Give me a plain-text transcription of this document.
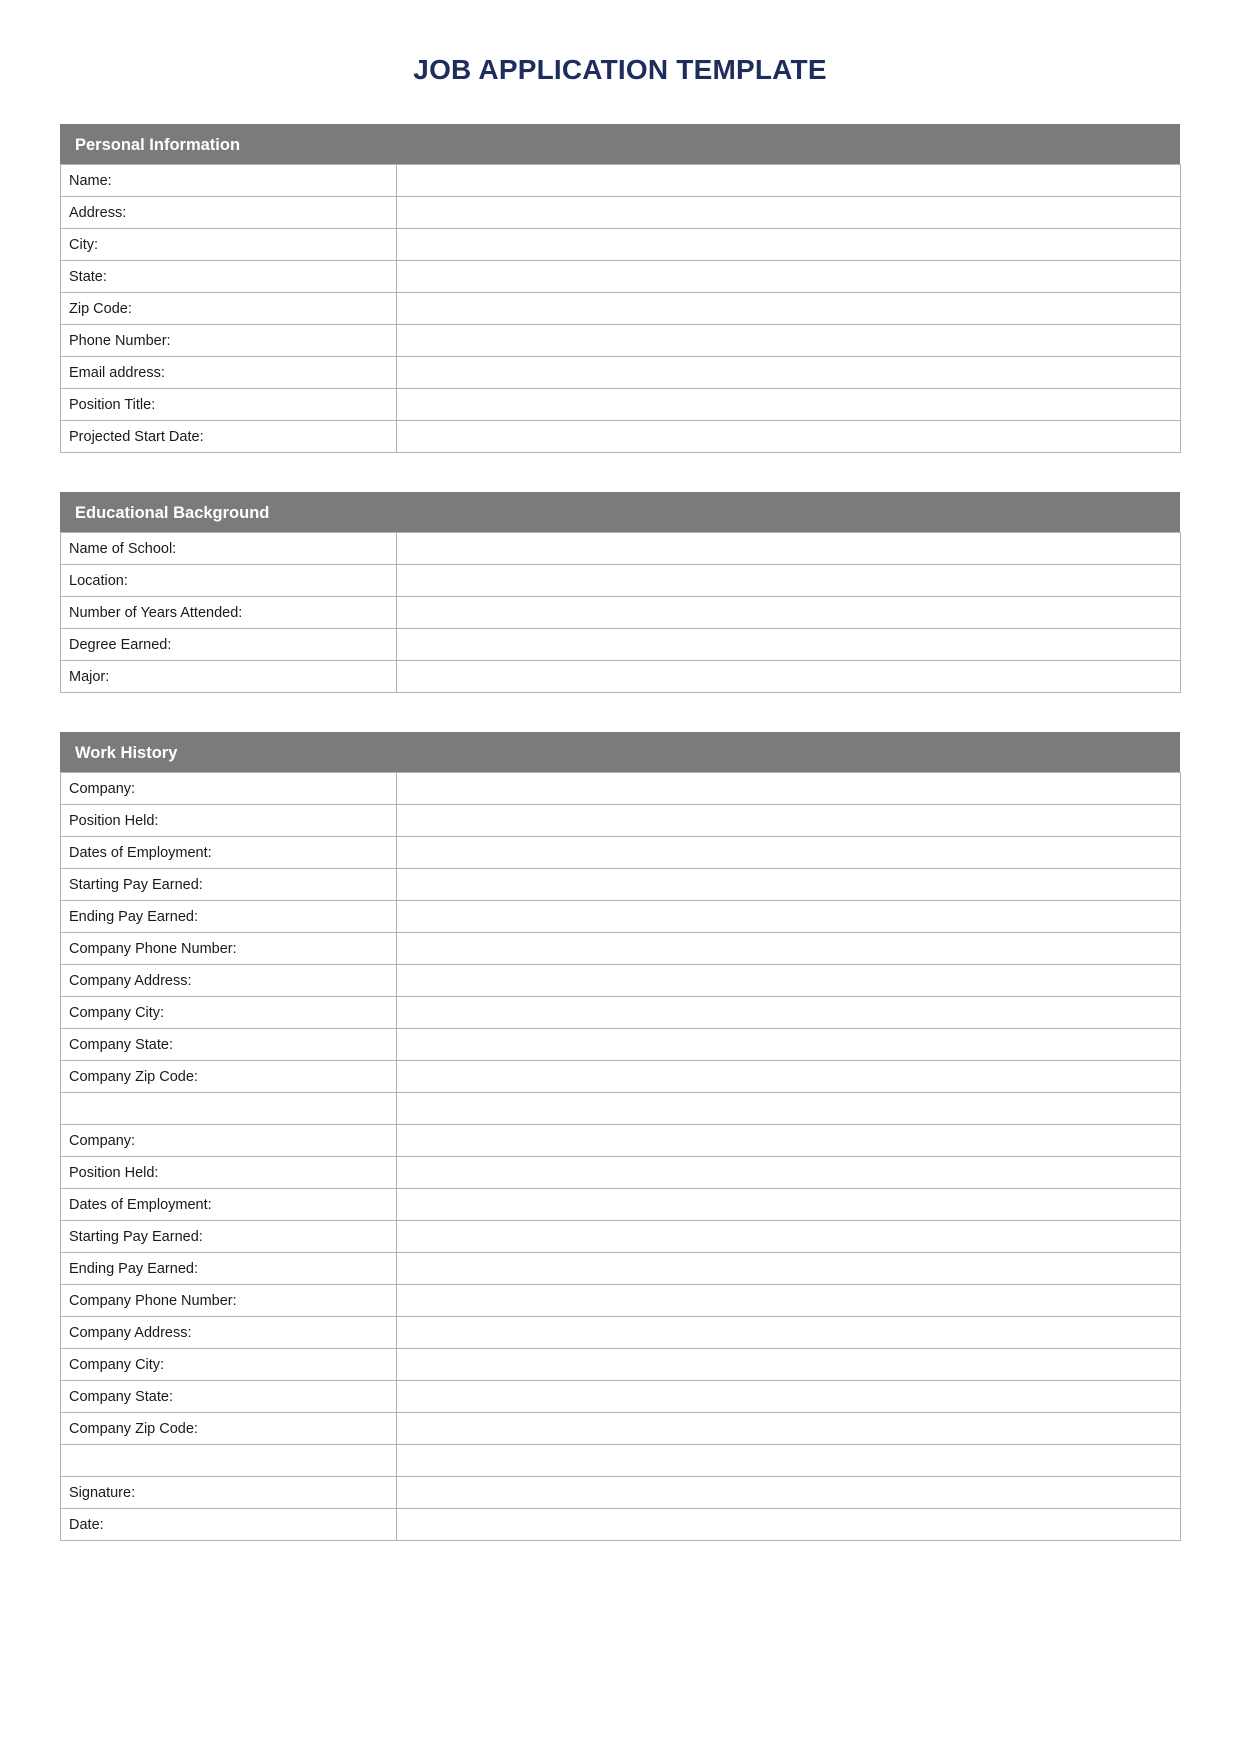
JOB APPLICATION TEMPLATE
Personal Information
Name:	
Address:	
City:	
State:	
Zip Code:	
Phone Number:	
Email address:	
Position Title:	
Projected Start Date:	
Educational Background
Name of School:	
Location:	
Number of Years Attended:	
Degree Earned:	
Major:	
Work History
Company:	
Position Held:	
Dates of Employment:	
Starting Pay Earned:	
Ending Pay Earned:	
Company Phone Number:	
Company Address:	
Company City:	
Company State:	
Company Zip Code:	

Company:	
Position Held:	
Dates of Employment:	
Starting Pay Earned:	
Ending Pay Earned:	
Company Phone Number:	
Company Address:	
Company City:	
Company State:	
Company Zip Code:	

Signature:	
Date:	
